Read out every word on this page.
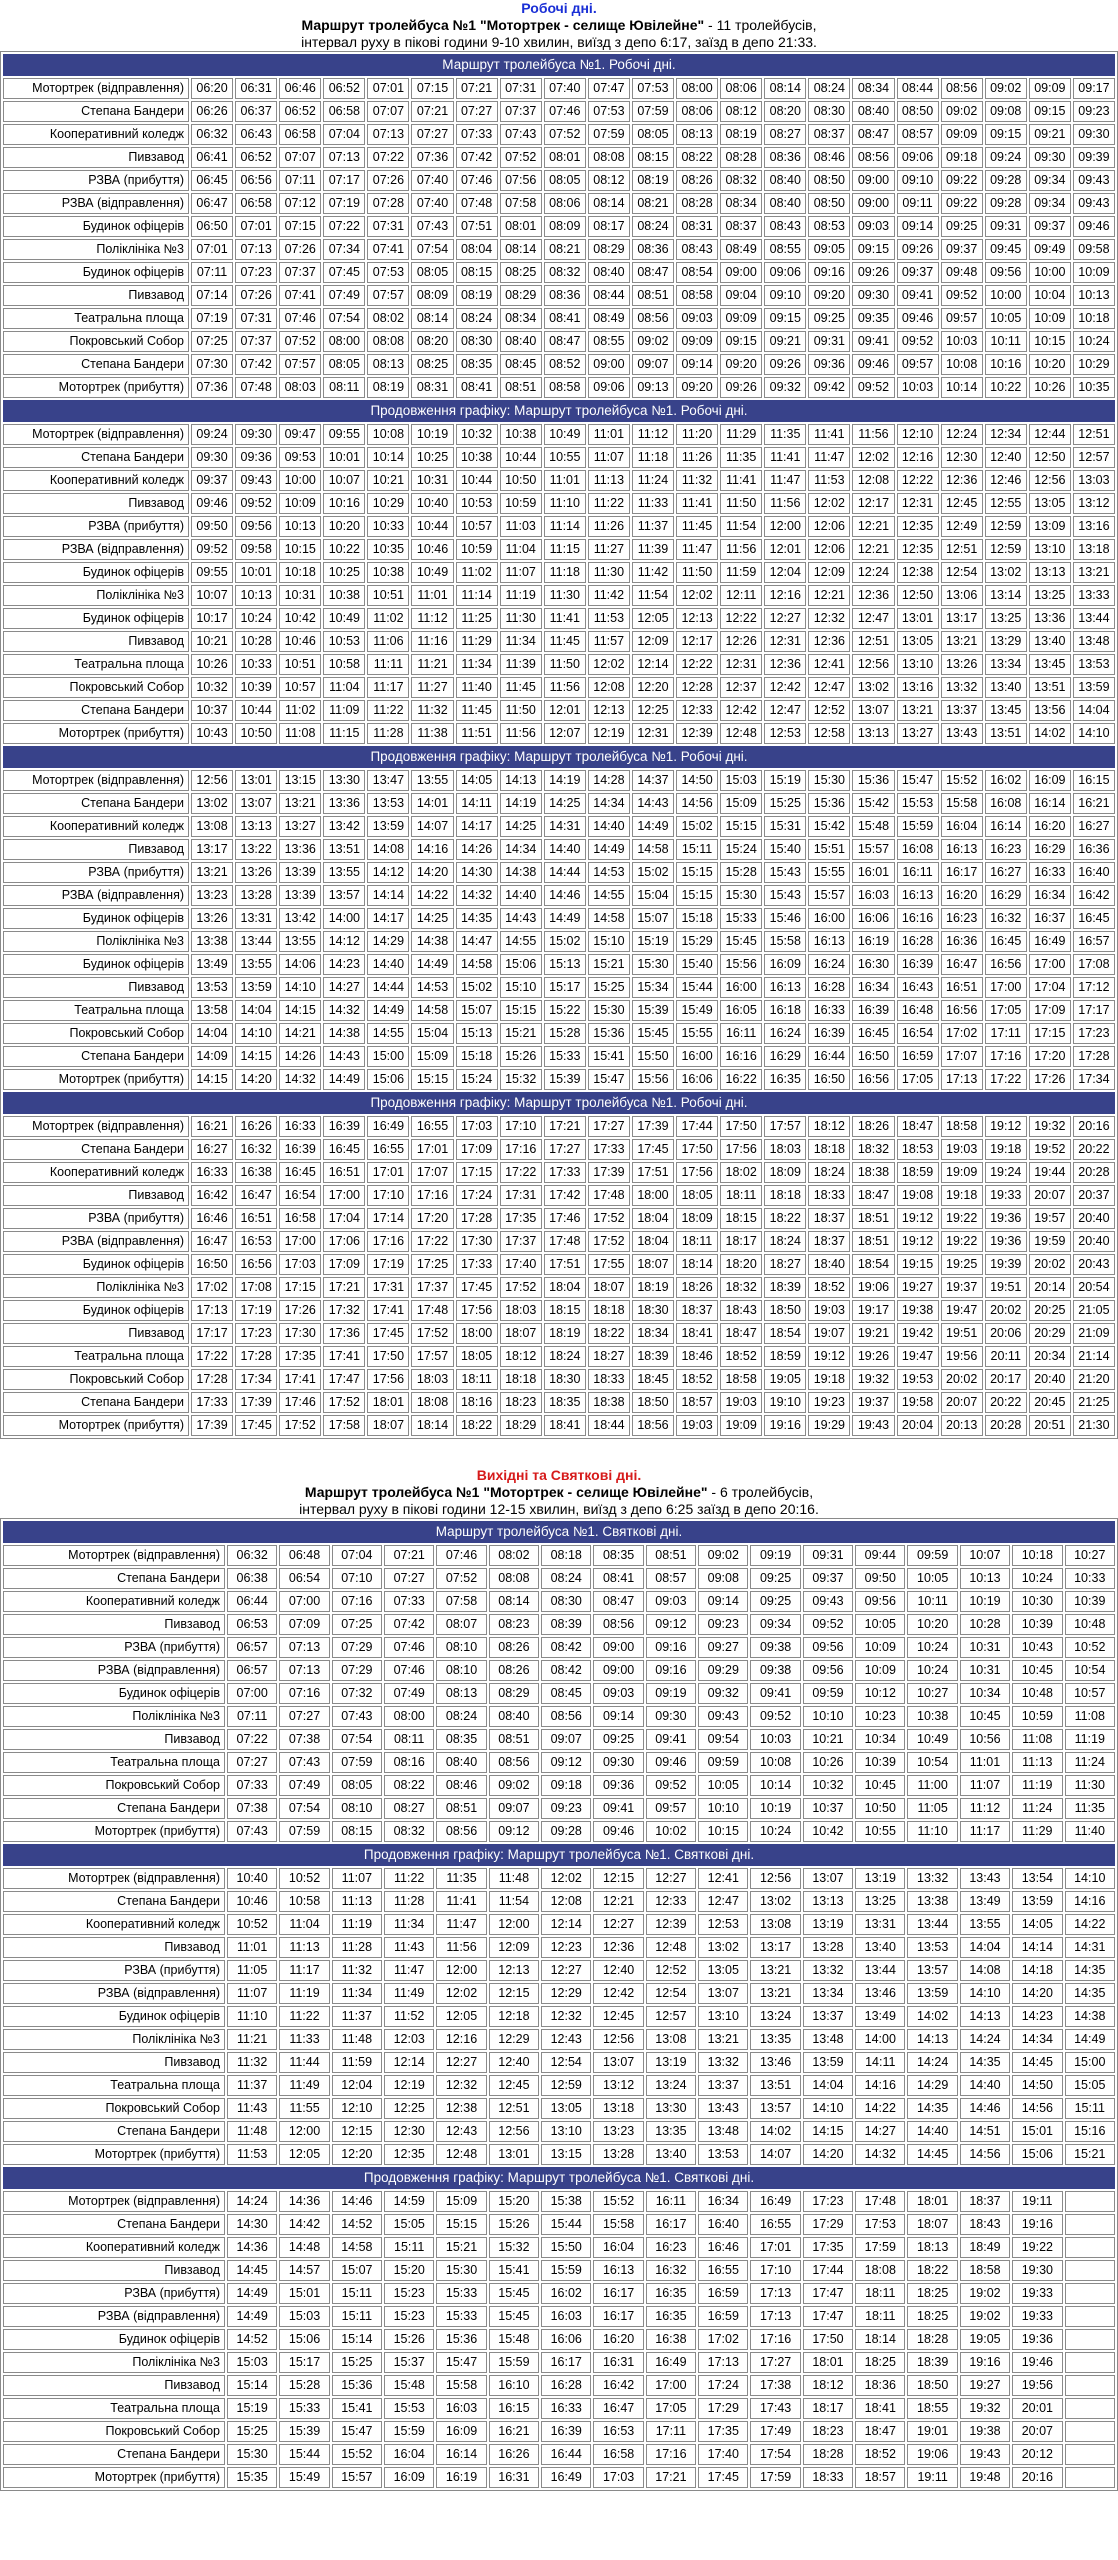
Робочі дні.
Маршрут тролейбуса №1 "Мотортрек - селище Ювілейне" - 11 тролейбусів,
інтервал руху в пікові години 9-10 хвилин, виїзд з депо 6:17, заїзд в депо 21:33.
Маршрут тролейбуса №1. Робочі дні.																					
Мотортрек (відправлення)	06:20	06:31	06:46	06:52	07:01	07:15	07:21	07:31	07:40	07:47	07:53	08:00	08:06	08:14	08:24	08:34	08:44	08:56	09:02	09:09	09:17
Степана Бандери	06:26	06:37	06:52	06:58	07:07	07:21	07:27	07:37	07:46	07:53	07:59	08:06	08:12	08:20	08:30	08:40	08:50	09:02	09:08	09:15	09:23
Кооперативний коледж	06:32	06:43	06:58	07:04	07:13	07:27	07:33	07:43	07:52	07:59	08:05	08:13	08:19	08:27	08:37	08:47	08:57	09:09	09:15	09:21	09:30
Пивзавод	06:41	06:52	07:07	07:13	07:22	07:36	07:42	07:52	08:01	08:08	08:15	08:22	08:28	08:36	08:46	08:56	09:06	09:18	09:24	09:30	09:39
РЗВА (прибуття)	06:45	06:56	07:11	07:17	07:26	07:40	07:46	07:56	08:05	08:12	08:19	08:26	08:32	08:40	08:50	09:00	09:10	09:22	09:28	09:34	09:43
РЗВА (відправлення)	06:47	06:58	07:12	07:19	07:28	07:40	07:48	07:58	08:06	08:14	08:21	08:28	08:34	08:40	08:50	09:00	09:11	09:22	09:28	09:34	09:43
Будинок офіцерів	06:50	07:01	07:15	07:22	07:31	07:43	07:51	08:01	08:09	08:17	08:24	08:31	08:37	08:43	08:53	09:03	09:14	09:25	09:31	09:37	09:46
Поліклініка №3	07:01	07:13	07:26	07:34	07:41	07:54	08:04	08:14	08:21	08:29	08:36	08:43	08:49	08:55	09:05	09:15	09:26	09:37	09:45	09:49	09:58
Будинок офіцерів	07:11	07:23	07:37	07:45	07:53	08:05	08:15	08:25	08:32	08:40	08:47	08:54	09:00	09:06	09:16	09:26	09:37	09:48	09:56	10:00	10:09
Пивзавод	07:14	07:26	07:41	07:49	07:57	08:09	08:19	08:29	08:36	08:44	08:51	08:58	09:04	09:10	09:20	09:30	09:41	09:52	10:00	10:04	10:13
Театральна площа	07:19	07:31	07:46	07:54	08:02	08:14	08:24	08:34	08:41	08:49	08:56	09:03	09:09	09:15	09:25	09:35	09:46	09:57	10:05	10:09	10:18
Покровський Собор	07:25	07:37	07:52	08:00	08:08	08:20	08:30	08:40	08:47	08:55	09:02	09:09	09:15	09:21	09:31	09:41	09:52	10:03	10:11	10:15	10:24
Степана Бандери	07:30	07:42	07:57	08:05	08:13	08:25	08:35	08:45	08:52	09:00	09:07	09:14	09:20	09:26	09:36	09:46	09:57	10:08	10:16	10:20	10:29
Мотортрек (прибуття)	07:36	07:48	08:03	08:11	08:19	08:31	08:41	08:51	08:58	09:06	09:13	09:20	09:26	09:32	09:42	09:52	10:03	10:14	10:22	10:26	10:35
Продовження графіку: Маршрут тролейбуса №1. Робочі дні.																					
Мотортрек (відправлення)	09:24	09:30	09:47	09:55	10:08	10:19	10:32	10:38	10:49	11:01	11:12	11:20	11:29	11:35	11:41	11:56	12:10	12:24	12:34	12:44	12:51
Степана Бандери	09:30	09:36	09:53	10:01	10:14	10:25	10:38	10:44	10:55	11:07	11:18	11:26	11:35	11:41	11:47	12:02	12:16	12:30	12:40	12:50	12:57
Кооперативний коледж	09:37	09:43	10:00	10:07	10:21	10:31	10:44	10:50	11:01	11:13	11:24	11:32	11:41	11:47	11:53	12:08	12:22	12:36	12:46	12:56	13:03
Пивзавод	09:46	09:52	10:09	10:16	10:29	10:40	10:53	10:59	11:10	11:22	11:33	11:41	11:50	11:56	12:02	12:17	12:31	12:45	12:55	13:05	13:12
РЗВА (прибуття)	09:50	09:56	10:13	10:20	10:33	10:44	10:57	11:03	11:14	11:26	11:37	11:45	11:54	12:00	12:06	12:21	12:35	12:49	12:59	13:09	13:16
РЗВА (відправлення)	09:52	09:58	10:15	10:22	10:35	10:46	10:59	11:04	11:15	11:27	11:39	11:47	11:56	12:01	12:06	12:21	12:35	12:51	12:59	13:10	13:18
Будинок офіцерів	09:55	10:01	10:18	10:25	10:38	10:49	11:02	11:07	11:18	11:30	11:42	11:50	11:59	12:04	12:09	12:24	12:38	12:54	13:02	13:13	13:21
Поліклініка №3	10:07	10:13	10:31	10:38	10:51	11:01	11:14	11:19	11:30	11:42	11:54	12:02	12:11	12:16	12:21	12:36	12:50	13:06	13:14	13:25	13:33
Будинок офіцерів	10:17	10:24	10:42	10:49	11:02	11:12	11:25	11:30	11:41	11:53	12:05	12:13	12:22	12:27	12:32	12:47	13:01	13:17	13:25	13:36	13:44
Пивзавод	10:21	10:28	10:46	10:53	11:06	11:16	11:29	11:34	11:45	11:57	12:09	12:17	12:26	12:31	12:36	12:51	13:05	13:21	13:29	13:40	13:48
Театральна площа	10:26	10:33	10:51	10:58	11:11	11:21	11:34	11:39	11:50	12:02	12:14	12:22	12:31	12:36	12:41	12:56	13:10	13:26	13:34	13:45	13:53
Покровський Собор	10:32	10:39	10:57	11:04	11:17	11:27	11:40	11:45	11:56	12:08	12:20	12:28	12:37	12:42	12:47	13:02	13:16	13:32	13:40	13:51	13:59
Степана Бандери	10:37	10:44	11:02	11:09	11:22	11:32	11:45	11:50	12:01	12:13	12:25	12:33	12:42	12:47	12:52	13:07	13:21	13:37	13:45	13:56	14:04
Мотортрек (прибуття)	10:43	10:50	11:08	11:15	11:28	11:38	11:51	11:56	12:07	12:19	12:31	12:39	12:48	12:53	12:58	13:13	13:27	13:43	13:51	14:02	14:10
Продовження графіку: Маршрут тролейбуса №1. Робочі дні.																					
Мотортрек (відправлення)	12:56	13:01	13:15	13:30	13:47	13:55	14:05	14:13	14:19	14:28	14:37	14:50	15:03	15:19	15:30	15:36	15:47	15:52	16:02	16:09	16:15
Степана Бандери	13:02	13:07	13:21	13:36	13:53	14:01	14:11	14:19	14:25	14:34	14:43	14:56	15:09	15:25	15:36	15:42	15:53	15:58	16:08	16:14	16:21
Кооперативний коледж	13:08	13:13	13:27	13:42	13:59	14:07	14:17	14:25	14:31	14:40	14:49	15:02	15:15	15:31	15:42	15:48	15:59	16:04	16:14	16:20	16:27
Пивзавод	13:17	13:22	13:36	13:51	14:08	14:16	14:26	14:34	14:40	14:49	14:58	15:11	15:24	15:40	15:51	15:57	16:08	16:13	16:23	16:29	16:36
РЗВА (прибуття)	13:21	13:26	13:39	13:55	14:12	14:20	14:30	14:38	14:44	14:53	15:02	15:15	15:28	15:43	15:55	16:01	16:11	16:17	16:27	16:33	16:40
РЗВА (відправлення)	13:23	13:28	13:39	13:57	14:14	14:22	14:32	14:40	14:46	14:55	15:04	15:15	15:30	15:43	15:57	16:03	16:13	16:20	16:29	16:34	16:42
Будинок офіцерів	13:26	13:31	13:42	14:00	14:17	14:25	14:35	14:43	14:49	14:58	15:07	15:18	15:33	15:46	16:00	16:06	16:16	16:23	16:32	16:37	16:45
Поліклініка №3	13:38	13:44	13:55	14:12	14:29	14:38	14:47	14:55	15:02	15:10	15:19	15:29	15:45	15:58	16:13	16:19	16:28	16:36	16:45	16:49	16:57
Будинок офіцерів	13:49	13:55	14:06	14:23	14:40	14:49	14:58	15:06	15:13	15:21	15:30	15:40	15:56	16:09	16:24	16:30	16:39	16:47	16:56	17:00	17:08
Пивзавод	13:53	13:59	14:10	14:27	14:44	14:53	15:02	15:10	15:17	15:25	15:34	15:44	16:00	16:13	16:28	16:34	16:43	16:51	17:00	17:04	17:12
Театральна площа	13:58	14:04	14:15	14:32	14:49	14:58	15:07	15:15	15:22	15:30	15:39	15:49	16:05	16:18	16:33	16:39	16:48	16:56	17:05	17:09	17:17
Покровський Собор	14:04	14:10	14:21	14:38	14:55	15:04	15:13	15:21	15:28	15:36	15:45	15:55	16:11	16:24	16:39	16:45	16:54	17:02	17:11	17:15	17:23
Степана Бандери	14:09	14:15	14:26	14:43	15:00	15:09	15:18	15:26	15:33	15:41	15:50	16:00	16:16	16:29	16:44	16:50	16:59	17:07	17:16	17:20	17:28
Мотортрек (прибуття)	14:15	14:20	14:32	14:49	15:06	15:15	15:24	15:32	15:39	15:47	15:56	16:06	16:22	16:35	16:50	16:56	17:05	17:13	17:22	17:26	17:34
Продовження графіку: Маршрут тролейбуса №1. Робочі дні.																					
Мотортрек (відправлення)	16:21	16:26	16:33	16:39	16:49	16:55	17:03	17:10	17:21	17:27	17:39	17:44	17:50	17:57	18:12	18:26	18:47	18:58	19:12	19:32	20:16
Степана Бандери	16:27	16:32	16:39	16:45	16:55	17:01	17:09	17:16	17:27	17:33	17:45	17:50	17:56	18:03	18:18	18:32	18:53	19:03	19:18	19:52	20:22
Кооперативний коледж	16:33	16:38	16:45	16:51	17:01	17:07	17:15	17:22	17:33	17:39	17:51	17:56	18:02	18:09	18:24	18:38	18:59	19:09	19:24	19:44	20:28
Пивзавод	16:42	16:47	16:54	17:00	17:10	17:16	17:24	17:31	17:42	17:48	18:00	18:05	18:11	18:18	18:33	18:47	19:08	19:18	19:33	20:07	20:37
РЗВА (прибуття)	16:46	16:51	16:58	17:04	17:14	17:20	17:28	17:35	17:46	17:52	18:04	18:09	18:15	18:22	18:37	18:51	19:12	19:22	19:36	19:57	20:40
РЗВА (відправлення)	16:47	16:53	17:00	17:06	17:16	17:22	17:30	17:37	17:48	17:52	18:04	18:11	18:17	18:24	18:37	18:51	19:12	19:22	19:36	19:59	20:40
Будинок офіцерів	16:50	16:56	17:03	17:09	17:19	17:25	17:33	17:40	17:51	17:55	18:07	18:14	18:20	18:27	18:40	18:54	19:15	19:25	19:39	20:02	20:43
Поліклініка №3	17:02	17:08	17:15	17:21	17:31	17:37	17:45	17:52	18:04	18:07	18:19	18:26	18:32	18:39	18:52	19:06	19:27	19:37	19:51	20:14	20:54
Будинок офіцерів	17:13	17:19	17:26	17:32	17:41	17:48	17:56	18:03	18:15	18:18	18:30	18:37	18:43	18:50	19:03	19:17	19:38	19:47	20:02	20:25	21:05
Пивзавод	17:17	17:23	17:30	17:36	17:45	17:52	18:00	18:07	18:19	18:22	18:34	18:41	18:47	18:54	19:07	19:21	19:42	19:51	20:06	20:29	21:09
Театральна площа	17:22	17:28	17:35	17:41	17:50	17:57	18:05	18:12	18:24	18:27	18:39	18:46	18:52	18:59	19:12	19:26	19:47	19:56	20:11	20:34	21:14
Покровський Собор	17:28	17:34	17:41	17:47	17:56	18:03	18:11	18:18	18:30	18:33	18:45	18:52	18:58	19:05	19:18	19:32	19:53	20:02	20:17	20:40	21:20
Степана Бандери	17:33	17:39	17:46	17:52	18:01	18:08	18:16	18:23	18:35	18:38	18:50	18:57	19:03	19:10	19:23	19:37	19:58	20:07	20:22	20:45	21:25
Мотортрек (прибуття)	17:39	17:45	17:52	17:58	18:07	18:14	18:22	18:29	18:41	18:44	18:56	19:03	19:09	19:16	19:29	19:43	20:04	20:13	20:28	20:51	21:30
Вихідні та Святкові дні.
Маршрут тролейбуса №1 "Мотортрек - селище Ювілейне" - 6 тролейбусів,
інтервал руху в пікові години 12-15 хвилин, виїзд з депо 6:25 заїзд в депо 20:16.
Маршрут тролейбуса №1. Святкові дні.																	
Мотортрек (відправлення)	06:32	06:48	07:04	07:21	07:46	08:02	08:18	08:35	08:51	09:02	09:19	09:31	09:44	09:59	10:07	10:18	10:27
Степана Бандери	06:38	06:54	07:10	07:27	07:52	08:08	08:24	08:41	08:57	09:08	09:25	09:37	09:50	10:05	10:13	10:24	10:33
Кооперативний коледж	06:44	07:00	07:16	07:33	07:58	08:14	08:30	08:47	09:03	09:14	09:25	09:43	09:56	10:11	10:19	10:30	10:39
Пивзавод	06:53	07:09	07:25	07:42	08:07	08:23	08:39	08:56	09:12	09:23	09:34	09:52	10:05	10:20	10:28	10:39	10:48
РЗВА (прибуття)	06:57	07:13	07:29	07:46	08:10	08:26	08:42	09:00	09:16	09:27	09:38	09:56	10:09	10:24	10:31	10:43	10:52
РЗВА (відправлення)	06:57	07:13	07:29	07:46	08:10	08:26	08:42	09:00	09:16	09:29	09:38	09:56	10:09	10:24	10:31	10:45	10:54
Будинок офіцерів	07:00	07:16	07:32	07:49	08:13	08:29	08:45	09:03	09:19	09:32	09:41	09:59	10:12	10:27	10:34	10:48	10:57
Поліклініка №3	07:11	07:27	07:43	08:00	08:24	08:40	08:56	09:14	09:30	09:43	09:52	10:10	10:23	10:38	10:45	10:59	11:08
Пивзавод	07:22	07:38	07:54	08:11	08:35	08:51	09:07	09:25	09:41	09:54	10:03	10:21	10:34	10:49	10:56	11:08	11:19
Театральна площа	07:27	07:43	07:59	08:16	08:40	08:56	09:12	09:30	09:46	09:59	10:08	10:26	10:39	10:54	11:01	11:13	11:24
Покровський Собор	07:33	07:49	08:05	08:22	08:46	09:02	09:18	09:36	09:52	10:05	10:14	10:32	10:45	11:00	11:07	11:19	11:30
Степана Бандери	07:38	07:54	08:10	08:27	08:51	09:07	09:23	09:41	09:57	10:10	10:19	10:37	10:50	11:05	11:12	11:24	11:35
Мотортрек (прибуття)	07:43	07:59	08:15	08:32	08:56	09:12	09:28	09:46	10:02	10:15	10:24	10:42	10:55	11:10	11:17	11:29	11:40
Продовження графіку: Маршрут тролейбуса №1. Святкові дні.																	
Мотортрек (відправлення)	10:40	10:52	11:07	11:22	11:35	11:48	12:02	12:15	12:27	12:41	12:56	13:07	13:19	13:32	13:43	13:54	14:10
Степана Бандери	10:46	10:58	11:13	11:28	11:41	11:54	12:08	12:21	12:33	12:47	13:02	13:13	13:25	13:38	13:49	13:59	14:16
Кооперативний коледж	10:52	11:04	11:19	11:34	11:47	12:00	12:14	12:27	12:39	12:53	13:08	13:19	13:31	13:44	13:55	14:05	14:22
Пивзавод	11:01	11:13	11:28	11:43	11:56	12:09	12:23	12:36	12:48	13:02	13:17	13:28	13:40	13:53	14:04	14:14	14:31
РЗВА (прибуття)	11:05	11:17	11:32	11:47	12:00	12:13	12:27	12:40	12:52	13:05	13:21	13:32	13:44	13:57	14:08	14:18	14:35
РЗВА (відправлення)	11:07	11:19	11:34	11:49	12:02	12:15	12:29	12:42	12:54	13:07	13:21	13:34	13:46	13:59	14:10	14:20	14:35
Будинок офіцерів	11:10	11:22	11:37	11:52	12:05	12:18	12:32	12:45	12:57	13:10	13:24	13:37	13:49	14:02	14:13	14:23	14:38
Поліклініка №3	11:21	11:33	11:48	12:03	12:16	12:29	12:43	12:56	13:08	13:21	13:35	13:48	14:00	14:13	14:24	14:34	14:49
Пивзавод	11:32	11:44	11:59	12:14	12:27	12:40	12:54	13:07	13:19	13:32	13:46	13:59	14:11	14:24	14:35	14:45	15:00
Театральна площа	11:37	11:49	12:04	12:19	12:32	12:45	12:59	13:12	13:24	13:37	13:51	14:04	14:16	14:29	14:40	14:50	15:05
Покровський Собор	11:43	11:55	12:10	12:25	12:38	12:51	13:05	13:18	13:30	13:43	13:57	14:10	14:22	14:35	14:46	14:56	15:11
Степана Бандери	11:48	12:00	12:15	12:30	12:43	12:56	13:10	13:23	13:35	13:48	14:02	14:15	14:27	14:40	14:51	15:01	15:16
Мотортрек (прибуття)	11:53	12:05	12:20	12:35	12:48	13:01	13:15	13:28	13:40	13:53	14:07	14:20	14:32	14:45	14:56	15:06	15:21
Продовження графіку: Маршрут тролейбуса №1. Святкові дні.																	
Мотортрек (відправлення)	14:24	14:36	14:46	14:59	15:09	15:20	15:38	15:52	16:11	16:34	16:49	17:23	17:48	18:01	18:37	19:11	
Степана Бандери	14:30	14:42	14:52	15:05	15:15	15:26	15:44	15:58	16:17	16:40	16:55	17:29	17:53	18:07	18:43	19:16	
Кооперативний коледж	14:36	14:48	14:58	15:11	15:21	15:32	15:50	16:04	16:23	16:46	17:01	17:35	17:59	18:13	18:49	19:22	
Пивзавод	14:45	14:57	15:07	15:20	15:30	15:41	15:59	16:13	16:32	16:55	17:10	17:44	18:08	18:22	18:58	19:30	
РЗВА (прибуття)	14:49	15:01	15:11	15:23	15:33	15:45	16:02	16:17	16:35	16:59	17:13	17:47	18:11	18:25	19:02	19:33	
РЗВА (відправлення)	14:49	15:03	15:11	15:23	15:33	15:45	16:03	16:17	16:35	16:59	17:13	17:47	18:11	18:25	19:02	19:33	
Будинок офіцерів	14:52	15:06	15:14	15:26	15:36	15:48	16:06	16:20	16:38	17:02	17:16	17:50	18:14	18:28	19:05	19:36	
Поліклініка №3	15:03	15:17	15:25	15:37	15:47	15:59	16:17	16:31	16:49	17:13	17:27	18:01	18:25	18:39	19:16	19:46	
Пивзавод	15:14	15:28	15:36	15:48	15:58	16:10	16:28	16:42	17:00	17:24	17:38	18:12	18:36	18:50	19:27	19:56	
Театральна площа	15:19	15:33	15:41	15:53	16:03	16:15	16:33	16:47	17:05	17:29	17:43	18:17	18:41	18:55	19:32	20:01	
Покровський Собор	15:25	15:39	15:47	15:59	16:09	16:21	16:39	16:53	17:11	17:35	17:49	18:23	18:47	19:01	19:38	20:07	
Степана Бандери	15:30	15:44	15:52	16:04	16:14	16:26	16:44	16:58	17:16	17:40	17:54	18:28	18:52	19:06	19:43	20:12	
Мотортрек (прибуття)	15:35	15:49	15:57	16:09	16:19	16:31	16:49	17:03	17:21	17:45	17:59	18:33	18:57	19:11	19:48	20:16	
